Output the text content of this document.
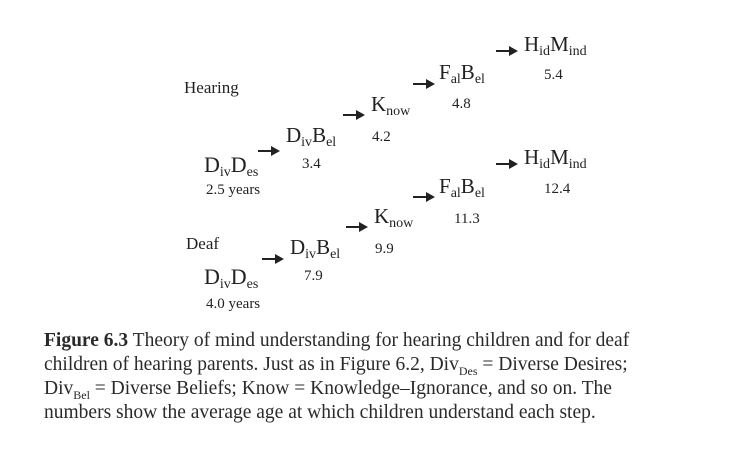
Hearing
Deaf
$D_{iv}D_{es}$
2.5 years
$D_{iv}B_{el}$
3.4
$K_{now}$
4.2
$F_{al}B_{el}$
4.8
$H_{id}M_{ind}$
5.4
$D_{iv}D_{es}$
4.0 years
$D_{iv}B_{el}$
7.9
$K_{now}$
9.9
$F_{al}B_{el}$
11.3
$H_{id}M_{ind}$
12.4
Figure 6.3 Theory of mind understanding for hearing children and for deaf
children of hearing parents. Just as in Figure 6.2, Div$_{Des}$ = Diverse Desires;
Div$_{Bel}$ = Diverse Beliefs; Know = Knowledge–Ignorance, and so on. The
numbers show the average age at which children understand each step.
